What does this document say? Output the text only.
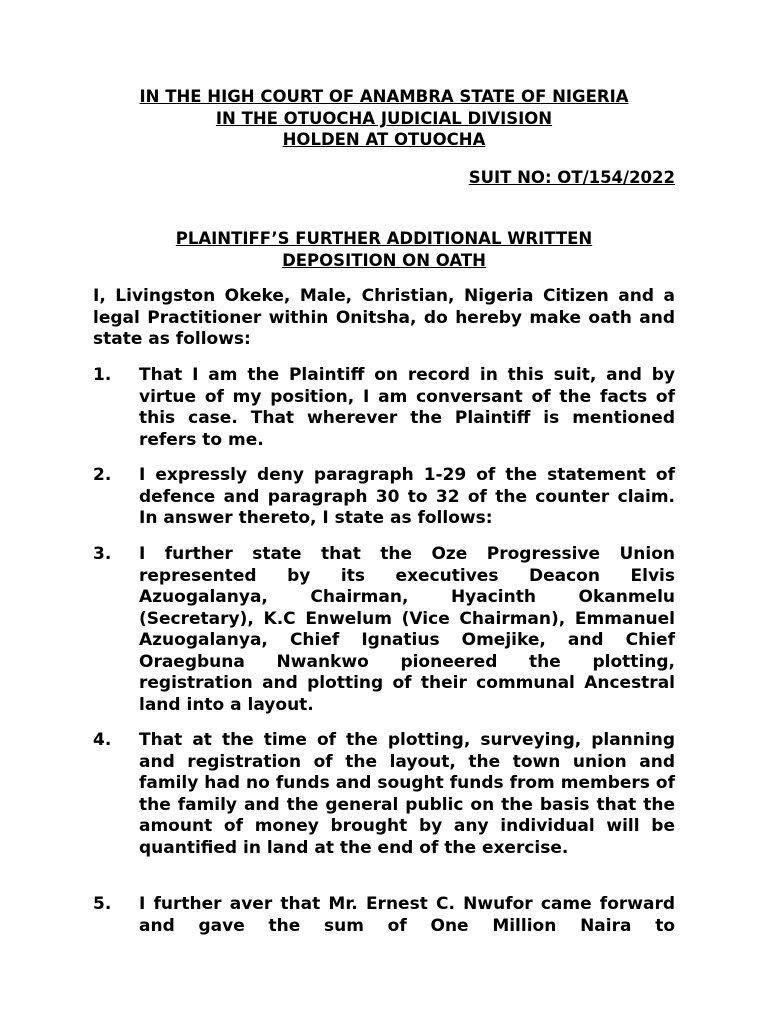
IN THE HIGH COURT OF ANAMBRA STATE OF NIGERIA
IN THE OTUOCHA JUDICIAL DIVISION
HOLDEN AT OTUOCHA
SUIT NO: OT/154/2022
PLAINTIFF’S FURTHER ADDITIONAL WRITTEN
DEPOSITION ON OATH
I, Livingston Okeke, Male, Christian, Nigeria Citizen and a legal Practitioner within Onitsha, do hereby make oath and state as follows:
1. That I am the Plaintiff on record in this suit, and by virtue of my position, I am conversant of the facts of this case. That wherever the Plaintiff is mentioned refers to me.
2. I expressly deny paragraph 1-29 of the statement of defence and paragraph 30 to 32 of the counter claim. In answer thereto, I state as follows:
3. I further state that the Oze Progressive Union represented by its executives Deacon Elvis Azuogalanya, Chairman, Hyacinth Okanmelu (Secretary), K.C Enwelum (Vice Chairman), Emmanuel Azuogalanya, Chief Ignatius Omejike, and Chief Oraegbuna Nwankwo pioneered the plotting, registration and plotting of their communal Ancestral land into a layout.
4. That at the time of the plotting, surveying, planning and registration of the layout, the town union and family had no funds and sought funds from members of the family and the general public on the basis that the amount of money brought by any individual will be quantified in land at the end of the exercise.
5. I further aver that Mr. Ernest C. Nwufor came forward and gave the sum of One Million Naira to
